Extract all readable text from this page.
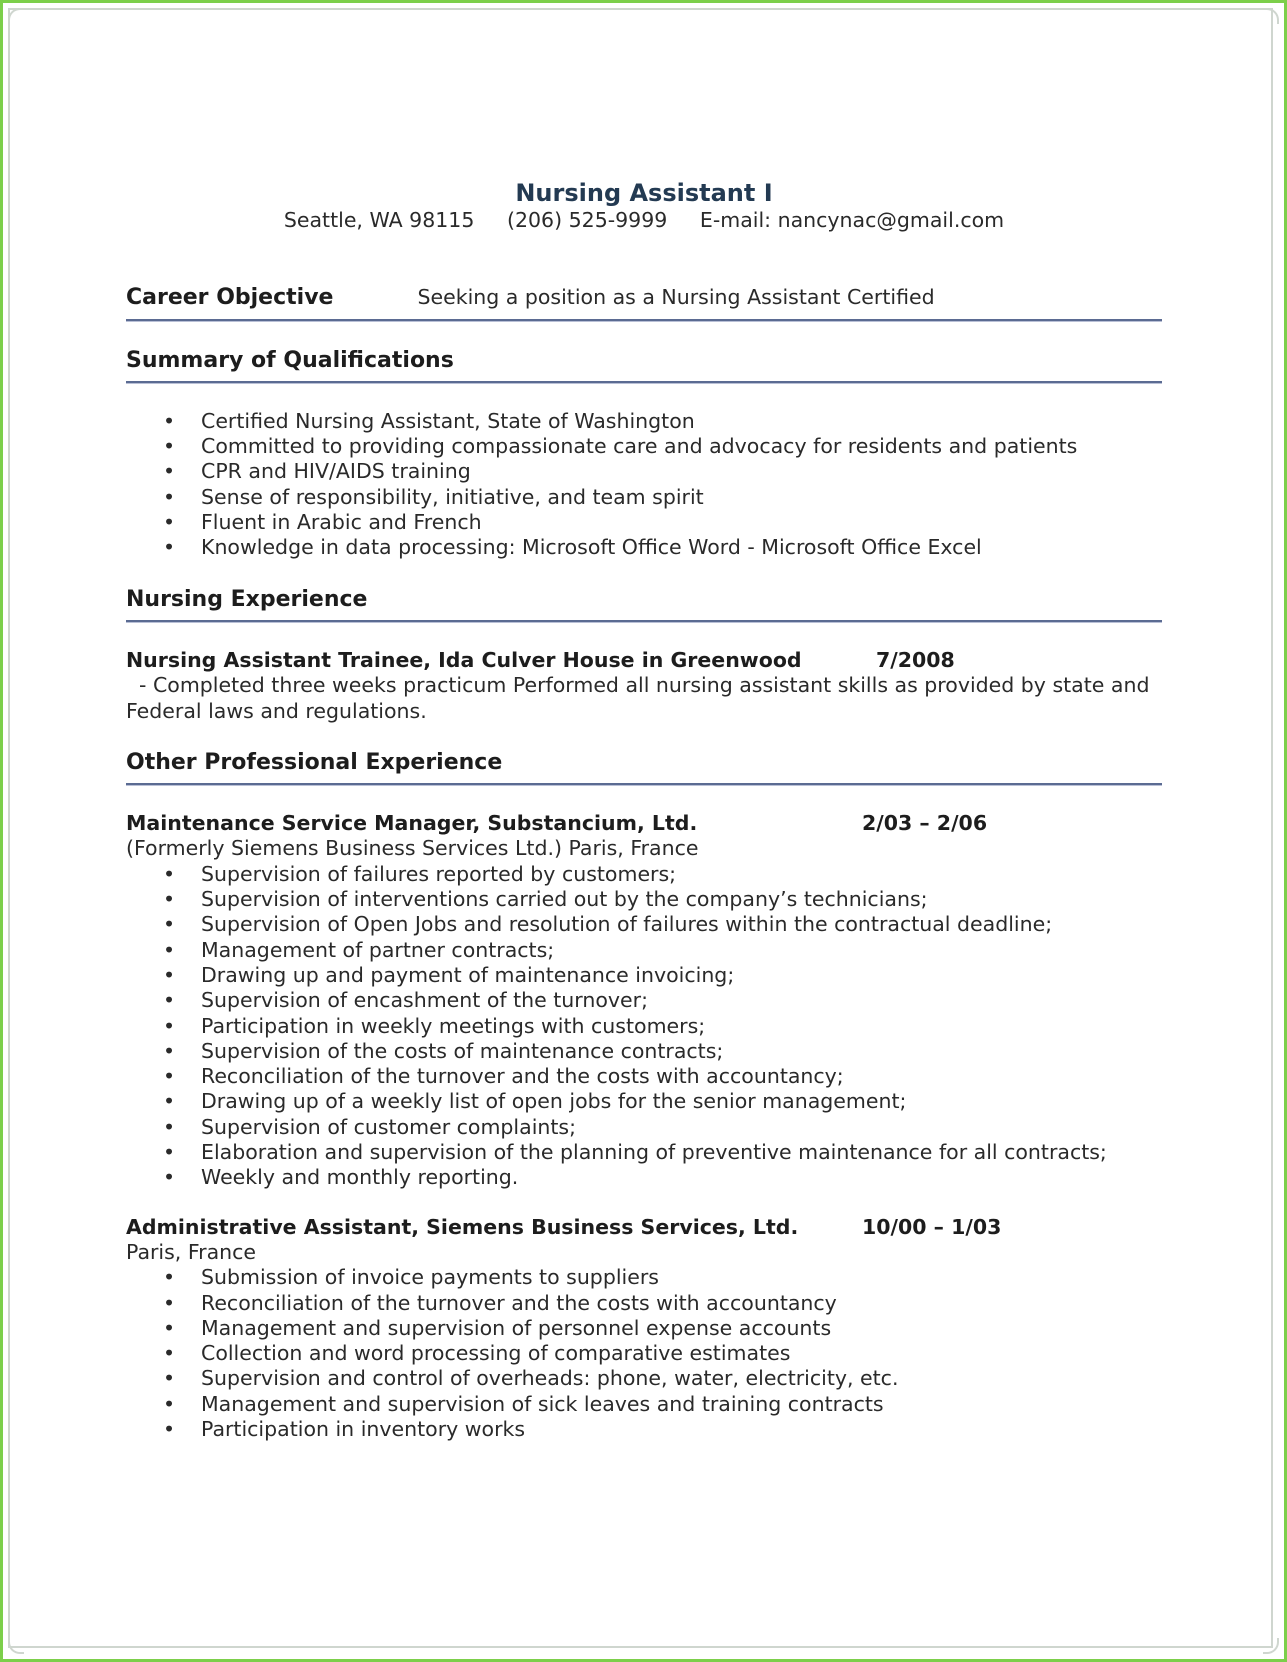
Nursing Assistant I
Seattle, WA 98115 (206) 525-9999 E-mail: nancynac@gmail.com
Career Objective	Seeking a position as a Nursing Assistant Certified
Summary of Qualifications
• Certified Nursing Assistant, State of Washington
• Committed to providing compassionate care and advocacy for residents and patients
• CPR and HIV/AIDS training
• Sense of responsibility, initiative, and team spirit
• Fluent in Arabic and French
• Knowledge in data processing: Microsoft Office Word - Microsoft Office Excel
Nursing Experience
Nursing Assistant Trainee, Ida Culver House in Greenwood	7/2008

- Completed three weeks practicum Performed all nursing assistant skills as provided by state and Federal laws and regulations.

Other Professional Experience
Maintenance Service Manager, Substancium, Ltd.	2/03 – 2/06

(Formerly Siemens Business Services Ltd.) Paris, France

• Supervision of failures reported by customers;
• Supervision of interventions carried out by the company’s technicians;
• Supervision of Open Jobs and resolution of failures within the contractual deadline;
• Management of partner contracts;
• Drawing up and payment of maintenance invoicing;
• Supervision of encashment of the turnover;
• Participation in weekly meetings with customers;
• Supervision of the costs of maintenance contracts;
• Reconciliation of the turnover and the costs with accountancy;
• Drawing up of a weekly list of open jobs for the senior management;
• Supervision of customer complaints;
• Elaboration and supervision of the planning of preventive maintenance for all contracts;
• Weekly and monthly reporting.
Administrative Assistant, Siemens Business Services, Ltd.	10/00 – 1/03

Paris, France

• Submission of invoice payments to suppliers
• Reconciliation of the turnover and the costs with accountancy
• Management and supervision of personnel expense accounts
• Collection and word processing of comparative estimates
• Supervision and control of overheads: phone, water, electricity, etc.
• Management and supervision of sick leaves and training contracts
• Participation in inventory works
